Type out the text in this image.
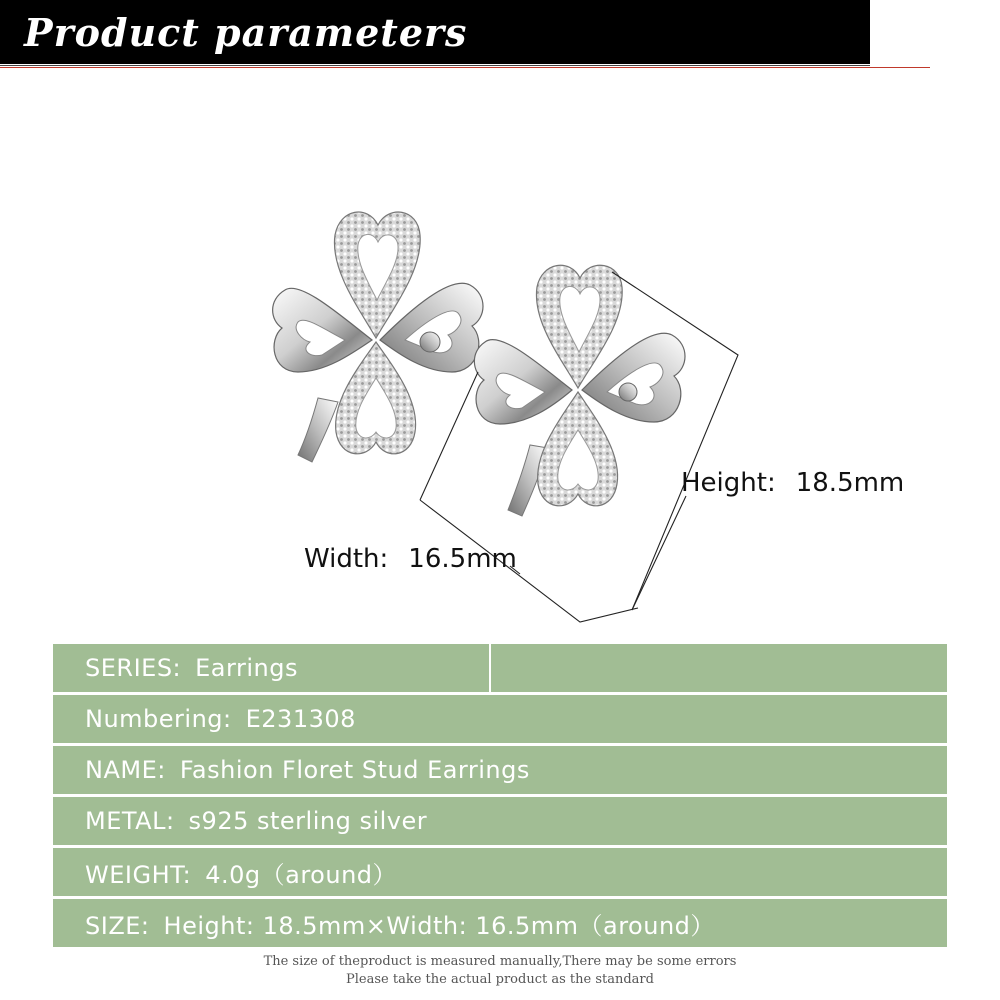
Product parameters
Height: 18.5mm
Width: 16.5mm
SERIES: Earrings
Numbering: E231308
NAME: Fashion Floret Stud Earrings
METAL: s925 sterling silver
WEIGHT: 4.0g（around）
SIZE: Height: 18.5mm×Width: 16.5mm（around）
The size of theproduct is measured manually,There may be some errors
Please take the actual product as the standard
